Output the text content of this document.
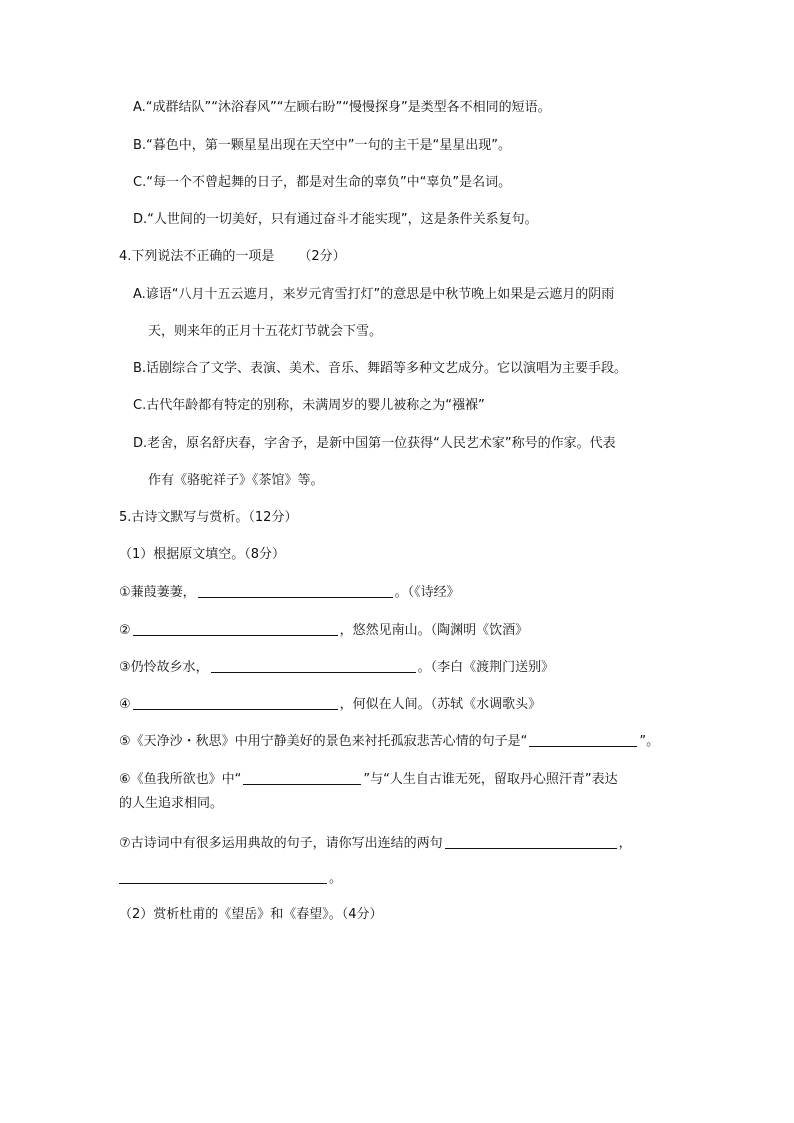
A.“成群结队”“沐浴春风”“左顾右盼”“慢慢探身”是类型各不相同的短语。
B.“暮色中，第一颗星星出现在天空中”一句的主干是“星星出现”。
C.“每一个不曾起舞的日子，都是对生命的辜负”中“辜负”是名词。
D.“人世间的一切美好，只有通过奋斗才能实现”，这是条件关系复句。
4.下列说法不正确的一项是 （2分）
A.谚语“八月十五云遮月，来岁元宵雪打灯”的意思是中秋节晚上如果是云遮月的阴雨
天，则来年的正月十五花灯节就会下雪。
B.话剧综合了文学、表演、美术、音乐、舞蹈等多种文艺成分。它以演唱为主要手段。
C.古代年龄都有特定的别称，未满周岁的婴儿被称之为“襁褓”
D.老舍，原名舒庆春，字舍予，是新中国第一位获得“人民艺术家”称号的作家。代表
作有《骆驼祥子》《茶馆》等。
5.古诗文默写与赏析。（12分）
（1）根据原文填空。（8分）
①蒹葭萋萋，	。（《诗经》
②	，悠然见南山。（陶渊明《饮酒》
③仍怜故乡水，	。（李白《渡荆门送别》
④	，何似在人间。（苏轼《水调歌头》
⑤《天净沙・秋思》中用宁静美好的景色来衬托孤寂悲苦心情的句子是“	”。
⑥《鱼我所欲也》中“	”与“人生自古谁无死，留取丹心照汗青”表达
的人生追求相同。
⑦古诗词中有很多运用典故的句子，请你写出连结的两句	，
。
（2）赏析杜甫的《望岳》和《春望》。（4分）
